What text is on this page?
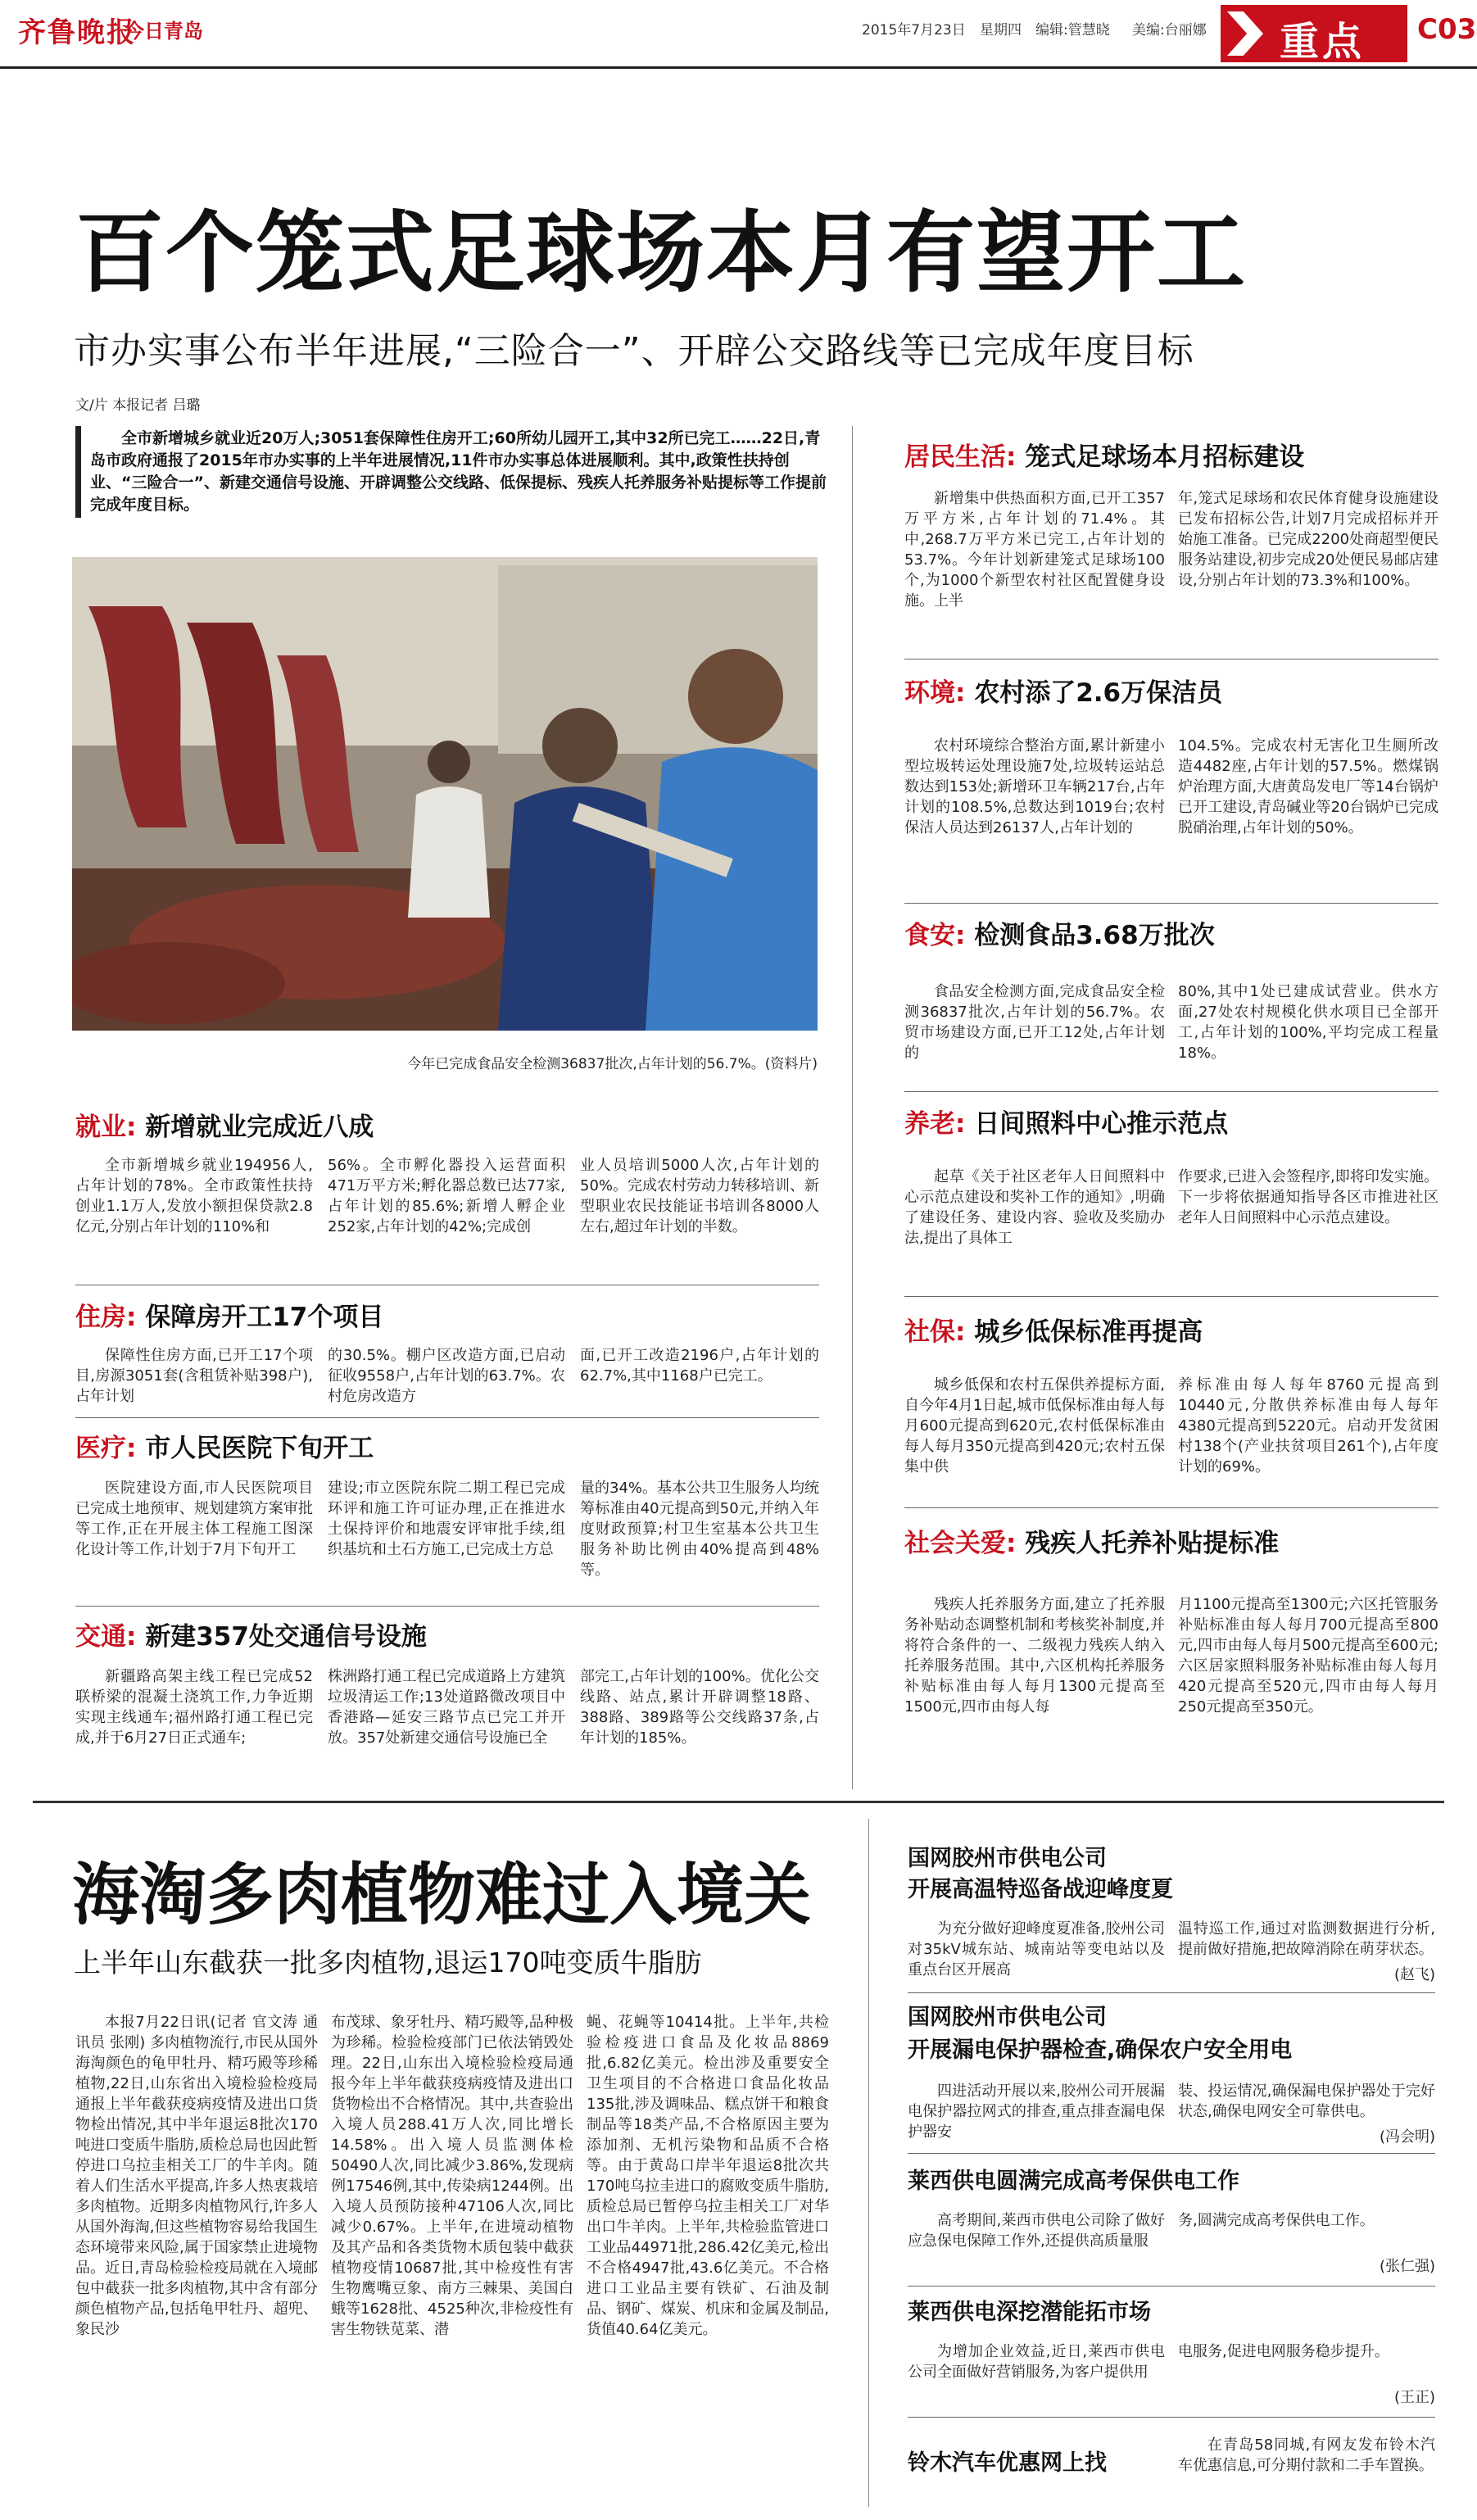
齐鲁晚报
今日青岛	2015年7月23日 星期四 编辑:管慧晓 美编:台丽娜 重点 C03
百个笼式足球场本月有望开工
市办实事公布半年进展,“三险合一”、开辟公交路线等已完成年度目标
文/片 本报记者 吕璐
全市新增城乡就业近20万人;3051套保障性住房开工;60所幼儿园开工,其中32所已完工……22日,青岛市政府通报了2015年市办实事的上半年进展情况,11件市办实事总体进展顺利。其中,政策性扶持创业、“三险合一”、新建交通信号设施、开辟调整公交线路、低保提标、残疾人托养服务补贴提标等工作提前完成年度目标。
今年已完成食品安全检测36837批次,占年计划的56.7%。(资料片)
就业: 新增就业完成近八成
全市新增城乡就业194956人,占年计划的78%。全市政策性扶持创业1.1万人,发放小额担保贷款2.8亿元,分别占年计划的110%和
56%。全市孵化器投入运营面积471万平方米;孵化器总数已达77家,占年计划的85.6%;新增人孵企业252家,占年计划的42%;完成创
业人员培训5000人次,占年计划的50%。完成农村劳动力转移培训、新型职业农民技能证书培训各8000人左右,超过年计划的半数。
住房: 保障房开工17个项目
保障性住房方面,已开工17个项目,房源3051套(含租赁补贴398户),占年计划
的30.5%。棚户区改造方面,已启动征收9558户,占年计划的63.7%。农村危房改造方
面,已开工改造2196户,占年计划的62.7%,其中1168户已完工。
医疗: 市人民医院下旬开工
医院建设方面,市人民医院项目已完成土地预审、规划建筑方案审批等工作,正在开展主体工程施工图深化设计等工作,计划于7月下旬开工
建设;市立医院东院二期工程已完成环评和施工许可证办理,正在推进水土保持评价和地震安评审批手续,组织基坑和土石方施工,已完成土方总
量的34%。基本公共卫生服务人均统筹标准由40元提高到50元,并纳入年度财政预算;村卫生室基本公共卫生服务补助比例由40%提高到48%等。
交通: 新建357处交通信号设施
新疆路高架主线工程已完成52联桥梁的混凝土浇筑工作,力争近期实现主线通车;福州路打通工程已完成,并于6月27日正式通车;
株洲路打通工程已完成道路上方建筑垃圾清运工作;13处道路微改项目中香港路—延安三路节点已完工并开放。357处新建交通信号设施已全
部完工,占年计划的100%。优化公交线路、站点,累计开辟调整18路、388路、389路等公交线路37条,占年计划的185%。
居民生活: 笼式足球场本月招标建设
新增集中供热面积方面,已开工357万平方米,占年计划的71.4%。其中,268.7万平方米已完工,占年计划的53.7%。今年计划新建笼式足球场100个,为1000个新型农村社区配置健身设施。上半
年,笼式足球场和农民体育健身设施建设已发布招标公告,计划7月完成招标并开始施工准备。已完成2200处商超型便民服务站建设,初步完成20处便民易邮店建设,分别占年计划的73.3%和100%。
环境: 农村添了2.6万保洁员
农村环境综合整治方面,累计新建小型垃圾转运处理设施7处,垃圾转运站总数达到153处;新增环卫车辆217台,占年计划的108.5%,总数达到1019台;农村保洁人员达到26137人,占年计划的
104.5%。完成农村无害化卫生厕所改造4482座,占年计划的57.5%。燃煤锅炉治理方面,大唐黄岛发电厂等14台锅炉已开工建设,青岛碱业等20台锅炉已完成脱硝治理,占年计划的50%。
食安: 检测食品3.68万批次
食品安全检测方面,完成食品安全检测36837批次,占年计划的56.7%。农贸市场建设方面,已开工12处,占年计划的
80%,其中1处已建成试营业。供水方面,27处农村规模化供水项目已全部开工,占年计划的100%,平均完成工程量18%。
养老: 日间照料中心推示范点
起草《关于社区老年人日间照料中心示范点建设和奖补工作的通知》,明确了建设任务、建设内容、验收及奖励办法,提出了具体工
作要求,已进入会签程序,即将印发实施。下一步将依据通知指导各区市推进社区老年人日间照料中心示范点建设。
社保: 城乡低保标准再提高
城乡低保和农村五保供养提标方面,自今年4月1日起,城市低保标准由每人每月600元提高到620元,农村低保标准由每人每月350元提高到420元;农村五保集中供
养标准由每人每年8760元提高到10440元,分散供养标准由每人每年4380元提高到5220元。启动开发贫困村138个(产业扶贫项目261个),占年度计划的69%。
社会关爱: 残疾人托养补贴提标准
残疾人托养服务方面,建立了托养服务补贴动态调整机制和考核奖补制度,并将符合条件的一、二级视力残疾人纳入托养服务范围。其中,六区机构托养服务补贴标准由每人每月1300元提高至1500元,四市由每人每
月1100元提高至1300元;六区托管服务补贴标准由每人每月700元提高至800元,四市由每人每月500元提高至600元;六区居家照料服务补贴标准由每人每月420元提高至520元,四市由每人每月250元提高至350元。
海淘多肉植物难过入境关
上半年山东截获一批多肉植物,退运170吨变质牛脂肪
本报7月22日讯(记者 官文涛 通讯员 张刚) 多肉植物流行,市民从国外海淘颜色的龟甲牡丹、精巧殿等珍稀植物,22日,山东省出入境检验检疫局通报上半年截获疫病疫情及进出口货物检出情况,其中半年退运8批次170吨进口变质牛脂肪,质检总局也因此暂停进口乌拉圭相关工厂的牛羊肉。随着人们生活水平提高,许多人热衷栽培多肉植物。近期多肉植物风行,许多人从国外海淘,但这些植物容易给我国生态环境带来风险,属于国家禁止进境物品。近日,青岛检验检疫局就在入境邮包中截获一批多肉植物,其中含有部分颜色植物产品,包括龟甲牡丹、超兜、象民沙
布茂球、象牙牡丹、精巧殿等,品种极为珍稀。检验检疫部门已依法销毁处理。22日,山东出入境检验检疫局通报今年上半年截获疫病疫情及进出口货物检出不合格情况。其中,共查验出入境人员288.41万人次,同比增长14.58%。出入境人员监测体检50490人次,同比减少3.86%,发现病例17546例,其中,传染病1244例。出入境人员预防接种47106人次,同比减少0.67%。上半年,在进境动植物及其产品和各类货物木质包装中截获植物疫情10687批,其中检疫性有害生物鹰嘴豆象、南方三棘果、美国白蛾等1628批、4525种次,非检疫性有害生物铁苋菜、潜
蝇、花蝇等10414批。上半年,共检验检疫进口食品及化妆品8869批,6.82亿美元。检出涉及重要安全卫生项目的不合格进口食品化妆品135批,涉及调味品、糕点饼干和粮食制品等18类产品,不合格原因主要为添加剂、无机污染物和品质不合格等。由于黄岛口岸半年退运8批次共170吨乌拉圭进口的腐败变质牛脂肪,质检总局已暂停乌拉圭相关工厂对华出口牛羊肉。上半年,共检验监管进口工业品44971批,286.42亿美元,检出不合格4947批,43.6亿美元。不合格进口工业品主要有铁矿、石油及制品、钢矿、煤炭、机床和金属及制品,货值40.64亿美元。
国网胶州市供电公司
开展高温特巡备战迎峰度夏
为充分做好迎峰度夏准备,胶州公司对35kV城东站、城南站等变电站以及重点台区开展高
温特巡工作,通过对监测数据进行分析,提前做好措施,把故障消除在萌芽状态。
(赵飞)
国网胶州市供电公司
开展漏电保护器检查,确保农户安全用电
四进活动开展以来,胶州公司开展漏电保护器拉网式的排查,重点排查漏电保护器安
装、投运情况,确保漏电保护器处于完好状态,确保电网安全可靠供电。
(冯会明)
莱西供电圆满完成高考保供电工作
高考期间,莱西市供电公司除了做好应急保电保障工作外,还提供高质量服
务,圆满完成高考保供电工作。
(张仁强)
莱西供电深挖潜能拓市场
为增加企业效益,近日,莱西市供电公司全面做好营销服务,为客户提供用
电服务,促进电网服务稳步提升。
(王正)
铃木汽车优惠网上找
在青岛58同城,有网友发布铃木汽车优惠信息,可分期付款和二手车置换。
